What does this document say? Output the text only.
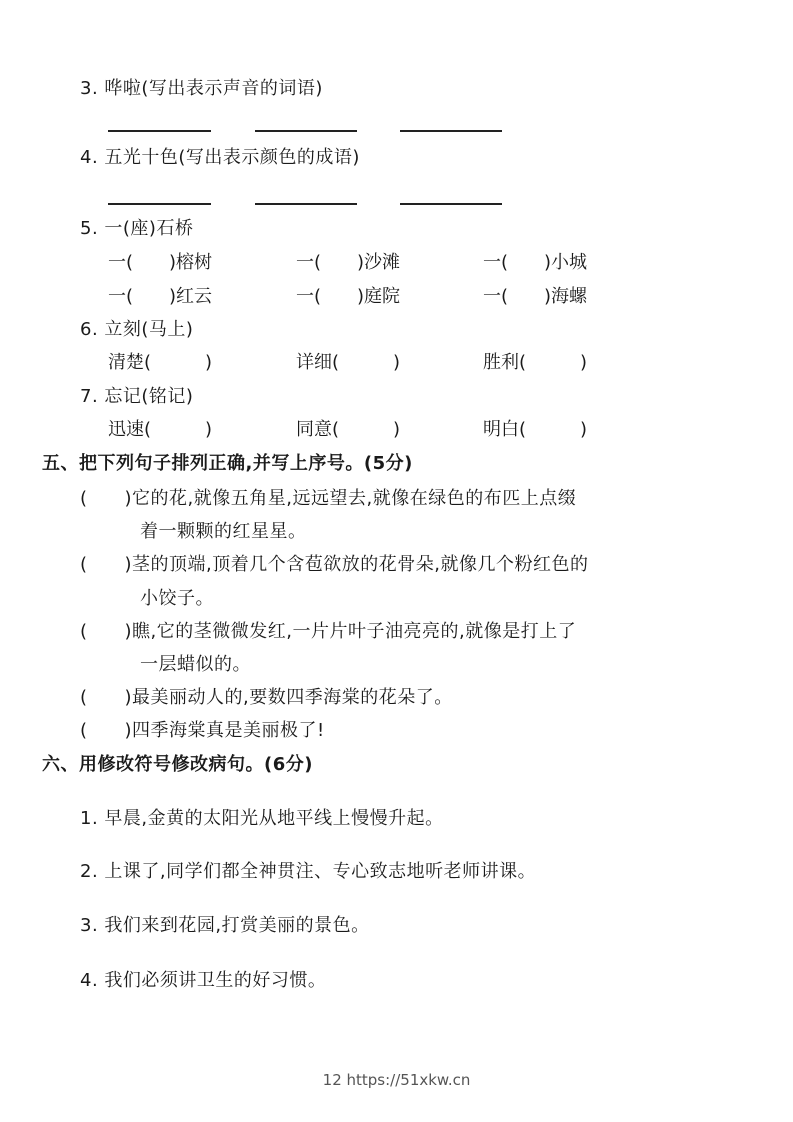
3. 哗啦(写出表示声音的词语)
4. 五光十色(写出表示颜色的成语)
5. 一(座)石桥
一(　　)榕树	一(　　)沙滩	一(　　)小城
一(　　)红云	一(　　)庭院	一(　　)海螺
6. 立刻(马上)
清楚(　　　)	详细(　　　)	胜利(　　　)
7. 忘记(铭记)
迅速(　　　)	同意(　　　)	明白(　　　)
五、把下列句子排列正确,并写上序号。(5分)
(　　)它的花,就像五角星,远远望去,就像在绿色的布匹上点缀
着一颗颗的红星星。
(　　)茎的顶端,顶着几个含苞欲放的花骨朵,就像几个粉红色的
小饺子。
(　　)瞧,它的茎微微发红,一片片叶子油亮亮的,就像是打上了
一层蜡似的。
(　　)最美丽动人的,要数四季海棠的花朵了。
(　　)四季海棠真是美丽极了!
六、用修改符号修改病句。(6分)
1. 早晨,金黄的太阳光从地平线上慢慢升起。
2. 上课了,同学们都全神贯注、专心致志地听老师讲课。
3. 我们来到花园,打赏美丽的景色。
4. 我们必须讲卫生的好习惯。
12 https://51xkw.cn
